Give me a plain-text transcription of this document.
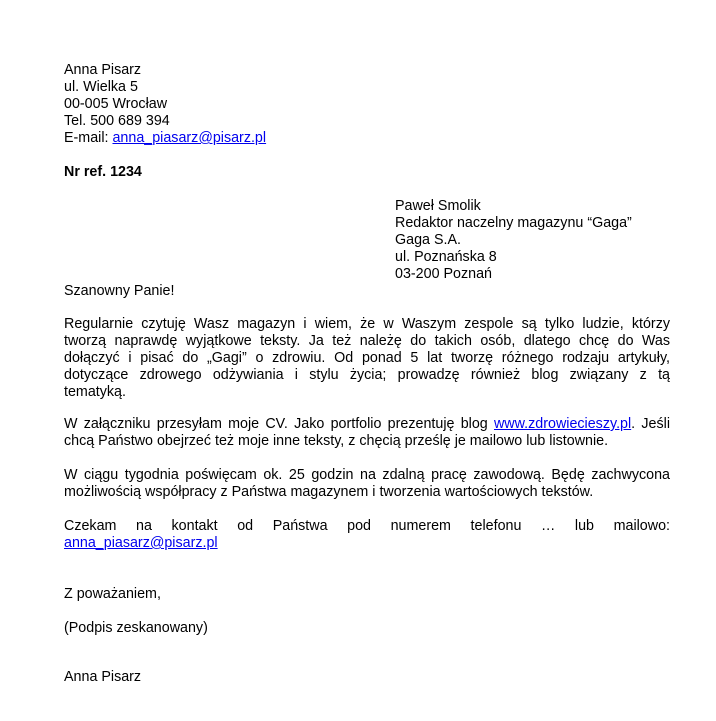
Anna Pisarz
ul. Wielka 5
00-005 Wrocław
Tel. 500 689 394
E-mail: anna_piasarz@pisarz.pl
Nr ref. 1234
Paweł Smolik
Redaktor naczelny magazynu “Gaga”
Gaga S.A.
ul. Poznańska 8
03-200 Poznań
Szanowny Panie!
Regularnie czytuję Wasz magazyn i wiem, że w Waszym zespole są tylko ludzie, którzy
tworzą naprawdę wyjątkowe teksty. Ja też należę do takich osób, dlatego chcę do Was
dołączyć i pisać do „Gagi” o zdrowiu. Od ponad 5 lat tworzę różnego rodzaju artykuły,
dotyczące zdrowego odżywiania i stylu życia; prowadzę również blog związany z tą
tematyką.
W załączniku przesyłam moje CV. Jako portfolio prezentuję blog www.zdrowiecieszy.pl. Jeśli
chcą Państwo obejrzeć też moje inne teksty, z chęcią prześlę je mailowo lub listownie.
W ciągu tygodnia poświęcam ok. 25 godzin na zdalną pracę zawodową. Będę zachwycona
możliwością współpracy z Państwa magazynem i tworzenia wartościowych tekstów.
Czekam na kontakt od Państwa pod numerem telefonu … lub mailowo:
anna_piasarz@pisarz.pl
Z poważaniem,
(Podpis zeskanowany)
Anna Pisarz
